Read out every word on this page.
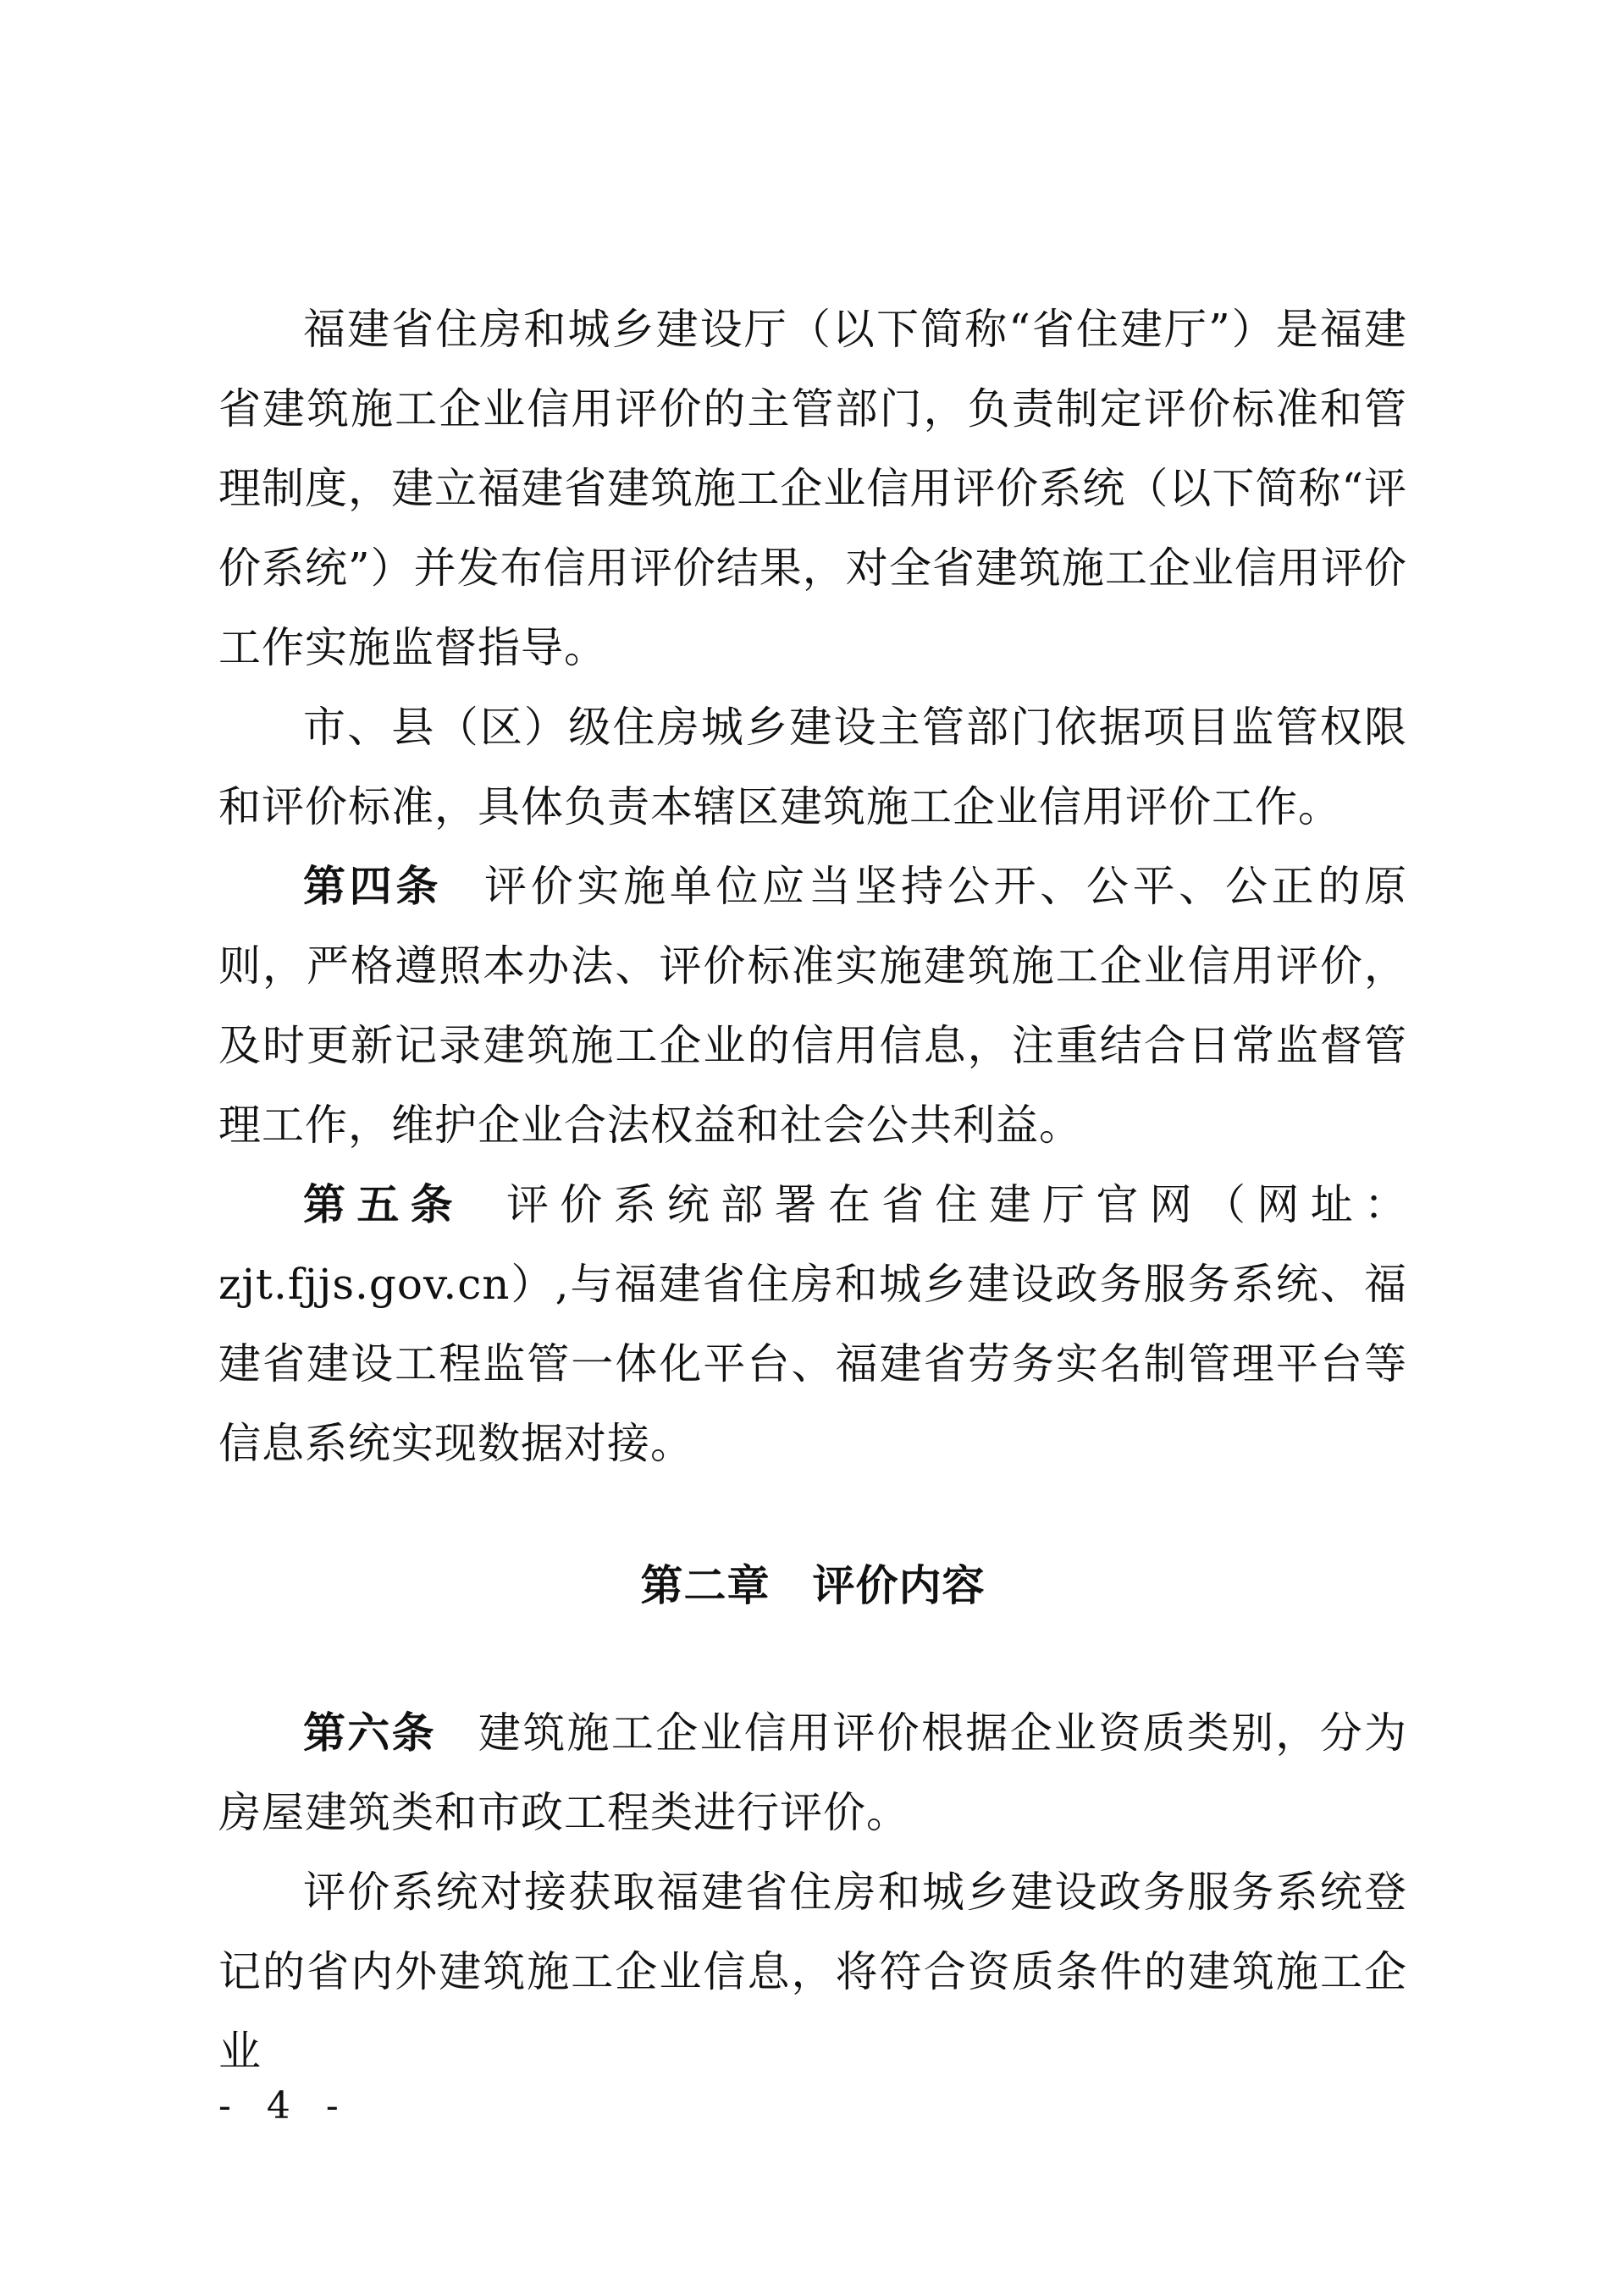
福建省住房和城乡建设厅（以下简称“省住建厅”）是福建省建筑施工企业信用评价的主管部门，负责制定评价标准和管理制度，建立福建省建筑施工企业信用评价系统（以下简称“评价系统”）并发布信用评价结果，对全省建筑施工企业信用评价工作实施监督指导。

市、县（区）级住房城乡建设主管部门依据项目监管权限和评价标准，具体负责本辖区建筑施工企业信用评价工作。

第四条 评价实施单位应当坚持公开、公平、公正的原则，严格遵照本办法、评价标准实施建筑施工企业信用评价，及时更新记录建筑施工企业的信用信息，注重结合日常监督管理工作，维护企业合法权益和社会公共利益。

第五条 评价系统部署在省住建厅官网（网址：zjt.fjjs.gov.cn）,与福建省住房和城乡建设政务服务系统、福建省建设工程监管一体化平台、福建省劳务实名制管理平台等信息系统实现数据对接。

第二章 评价内容

第六条 建筑施工企业信用评价根据企业资质类别，分为房屋建筑类和市政工程类进行评价。

评价系统对接获取福建省住房和城乡建设政务服务系统登记的省内外建筑施工企业信息，将符合资质条件的建筑施工企业

- 4 -
